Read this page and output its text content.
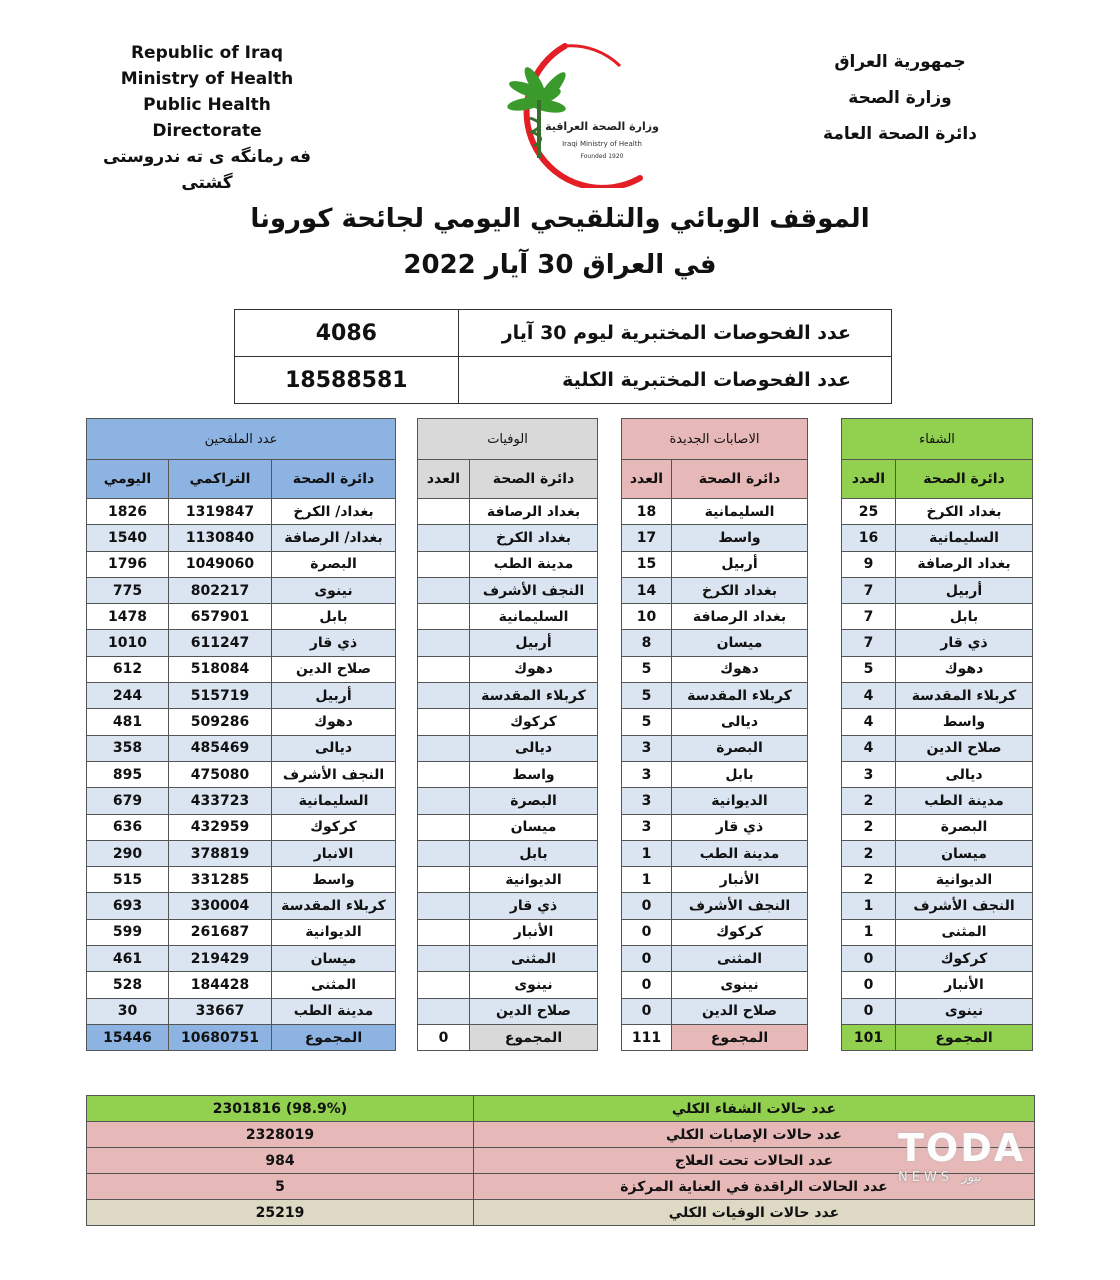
Republic of Iraq
Ministry of Health
Public Health Directorate
فه رمانگه ى ته ندروستى گشتى
وزارة الصحة العراقية
Iraqi Ministry of Health
Founded 1920
جمهورية العراق
وزارة الصحة
دائرة الصحة العامة
الموقف الوبائي والتلقيحي اليومي لجائحة كورونا
في العراق 30 آيار 2022
4086	عدد الفحوصات المختبرية ليوم 30 آيار
18588581	عدد الفحوصات المختبرية الكلية
عدد الملقحين				الوفيات			الاصابات الجديدة			الشفاء	
اليومي	التراكمي	دائرة الصحة		العدد	دائرة الصحة		العدد	دائرة الصحة		العدد	دائرة الصحة
1826	1319847	بغداد/ الكرخ			بغداد الرصافة		18	السليمانية		25	بغداد الكرخ
1540	1130840	بغداد/ الرصافة			بغداد الكرخ		17	واسط		16	السليمانية
1796	1049060	البصرة			مدينة الطب		15	أربيل		9	بغداد الرصافة
775	802217	نينوى			النجف الأشرف		14	بغداد الكرخ		7	أربيل
1478	657901	بابل			السليمانية		10	بغداد الرصافة		7	بابل
1010	611247	ذي قار			أربيل		8	ميسان		7	ذي قار
612	518084	صلاح الدين			دهوك		5	دهوك		5	دهوك
244	515719	أربيل			كربلاء المقدسة		5	كربلاء المقدسة		4	كربلاء المقدسة
481	509286	دهوك			كركوك		5	ديالى		4	واسط
358	485469	ديالى			ديالى		3	البصرة		4	صلاح الدين
895	475080	النجف الأشرف			واسط		3	بابل		3	ديالى
679	433723	السليمانية			البصرة		3	الديوانية		2	مدينة الطب
636	432959	كركوك			ميسان		3	ذي قار		2	البصرة
290	378819	الانبار			بابل		1	مدينة الطب		2	ميسان
515	331285	واسط			الديوانية		1	الأنبار		2	الديوانية
693	330004	كربلاء المقدسة			ذي قار		0	النجف الأشرف		1	النجف الأشرف
599	261687	الديوانية			الأنبار		0	كركوك		1	المثنى
461	219429	ميسان			المثنى		0	المثنى		0	كركوك
528	184428	المثنى			نينوى		0	نينوى		0	الأنبار
30	33667	مدينة الطب			صلاح الدين		0	صلاح الدين		0	نينوى
15446	10680751	المجموع		0	المجموع		111	المجموع		101	المجموع
2301816 (98.9%)	عدد حالات الشفاء الكلي
2328019	عدد حالات الإصابات الكلي
984	عدد الحالات تحت العلاج
5	عدد الحالات الراقدة في العناية المركزة
25219	عدد حالات الوفيات الكلي
TODA
NEWS نيوز
